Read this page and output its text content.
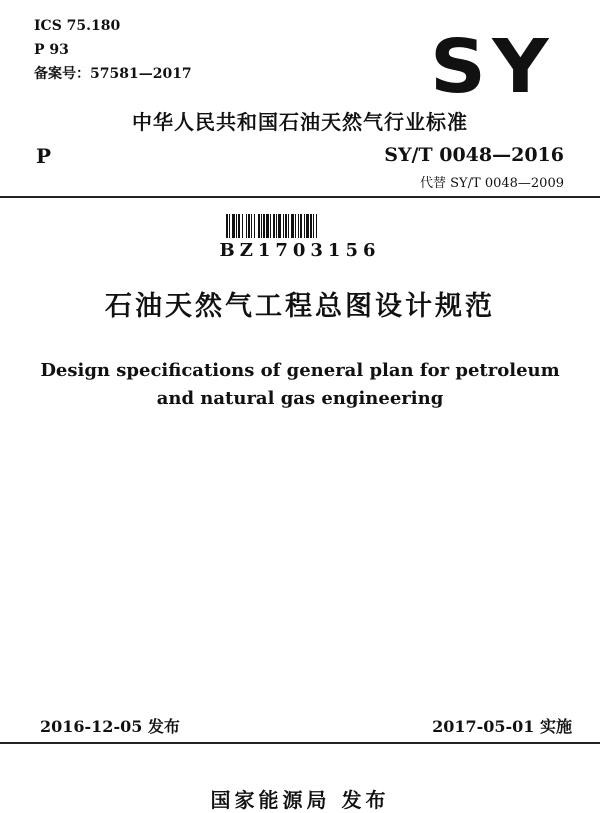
ICS 75.180
P 93
备案号：57581—2017	SY
中华人民共和国石油天然气行业标准
P	SY/T 0048—2016
代替 SY/T 0048—2009
BZ1703156
石油天然气工程总图设计规范
Design specifications of general plan for petroleum
and natural gas engineering
2016-12-05 发布	2017-05-01 实施
国家能源局 发布
